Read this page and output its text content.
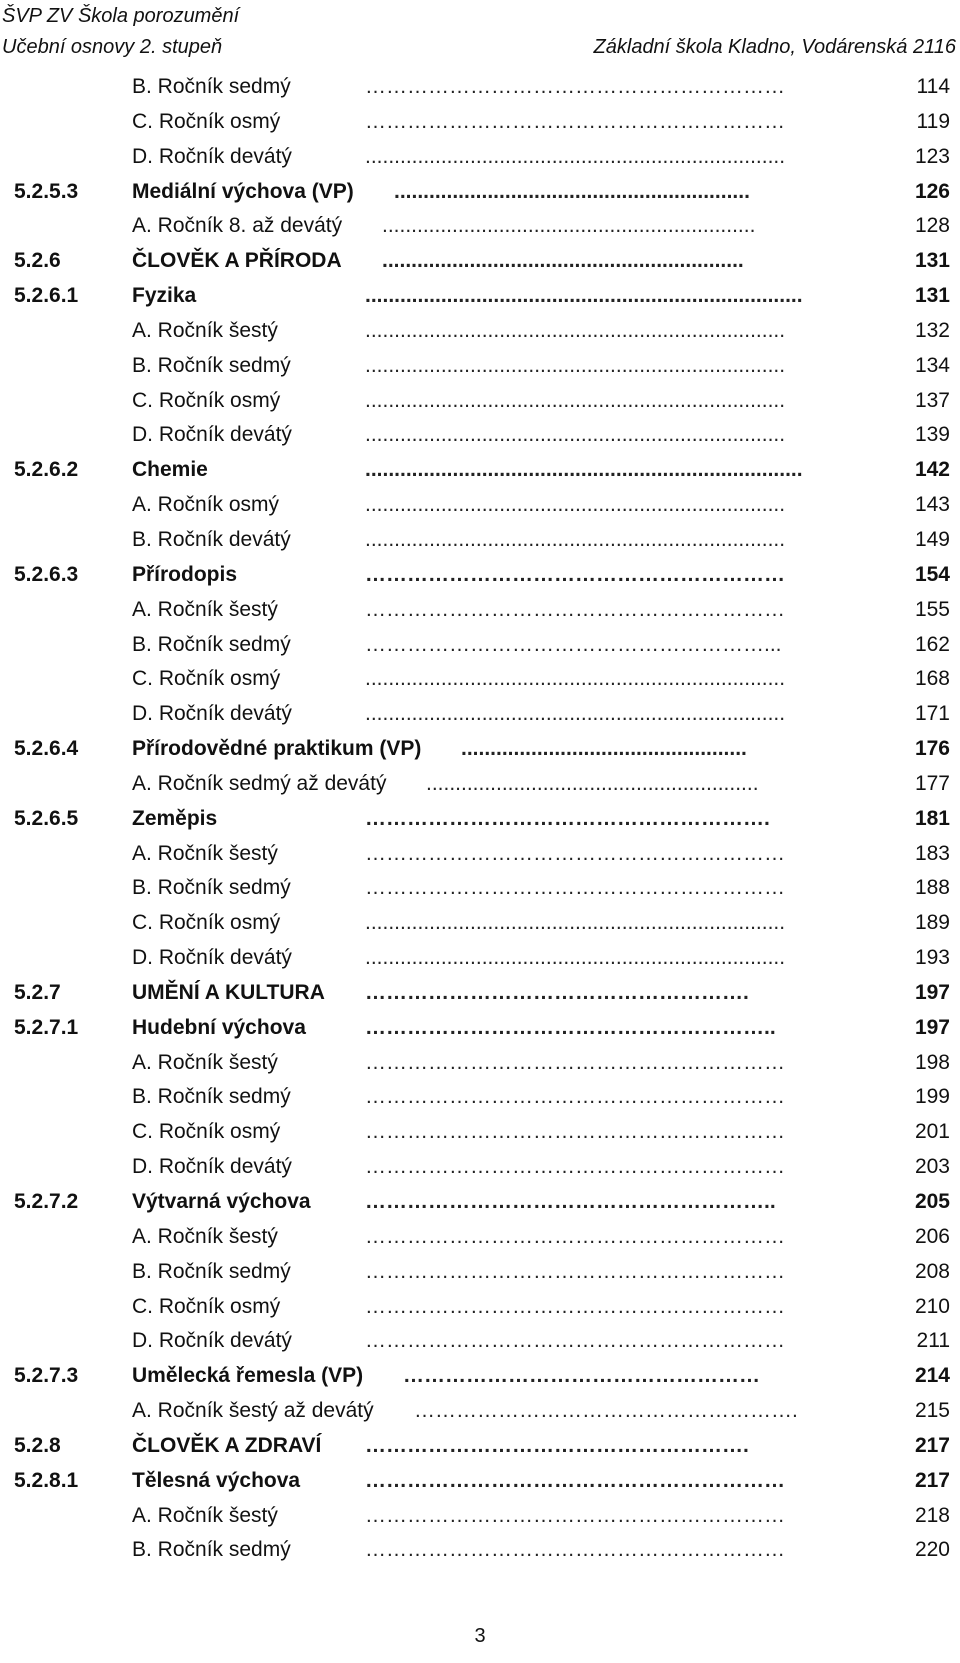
ŠVP ZV Škola porozumění
Učební osnovy 2. stupeň	Základní škola Kladno, Vodárenská 2116
B. Ročník sedmý	……………………………………………………	114
C. Ročník osmý	……………………………………………………	119
D. Ročník devátý	........................................................................	123
5.2.5.3	Mediální výchova (VP) .............................................................	126
A. Ročník 8. až devátý ................................................................	128
5.2.6	ČLOVĚK A PŘÍRODA ..............................................................	131
5.2.6.1	Fyzika	...........................................................................	131
A. Ročník šestý	........................................................................	132
B. Ročník sedmý	........................................................................	134
C. Ročník osmý	........................................................................	137
D. Ročník devátý	........................................................................	139
5.2.6.2	Chemie	...........................................................................	142
A. Ročník osmý	........................................................................	143
B. Ročník devátý	........................................................................	149
5.2.6.3	Přírodopis	……………………………………………………	154
A. Ročník šestý	……………………………………………………	155
B. Ročník sedmý	…………………………………………………...	162
C. Ročník osmý	........................................................................	168
D. Ročník devátý	........................................................................	171
5.2.6.4	Přírodovědné praktikum (VP) .................................................	176
A. Ročník sedmý až devátý .........................................................	177
5.2.6.5	Zeměpis	………………………………………………….	181
A. Ročník šestý	……………………………………………………	183
B. Ročník sedmý	……………………………………………………	188
C. Ročník osmý	........................................................................	189
D. Ročník devátý	........................................................................	193
5.2.7	UMĚNÍ A KULTURA ……………………………………………….	197
5.2.7.1	Hudební výchova	…………………………………………………..	197
A. Ročník šestý	……………………………………………………	198
B. Ročník sedmý	……………………………………………………	199
C. Ročník osmý	……………………………………………………	201
D. Ročník devátý	……………………………………………………	203
5.2.7.2	Výtvarná výchova	…………………………………………………..	205
A. Ročník šestý	……………………………………………………	206
B. Ročník sedmý	……………………………………………………	208
C. Ročník osmý	……………………………………………………	210
D. Ročník devátý	……………………………………………………	211
5.2.7.3	Umělecká řemesla (VP) ……………………………………………	214
A. Ročník šestý až devátý ……………………………………………….	215
5.2.8	ČLOVĚK A ZDRAVÍ ……………………………………………….	217
5.2.8.1	Tělesná výchova	……………………………………………………	217
A. Ročník šestý	……………………………………………………	218
B. Ročník sedmý	……………………………………………………	220
3
